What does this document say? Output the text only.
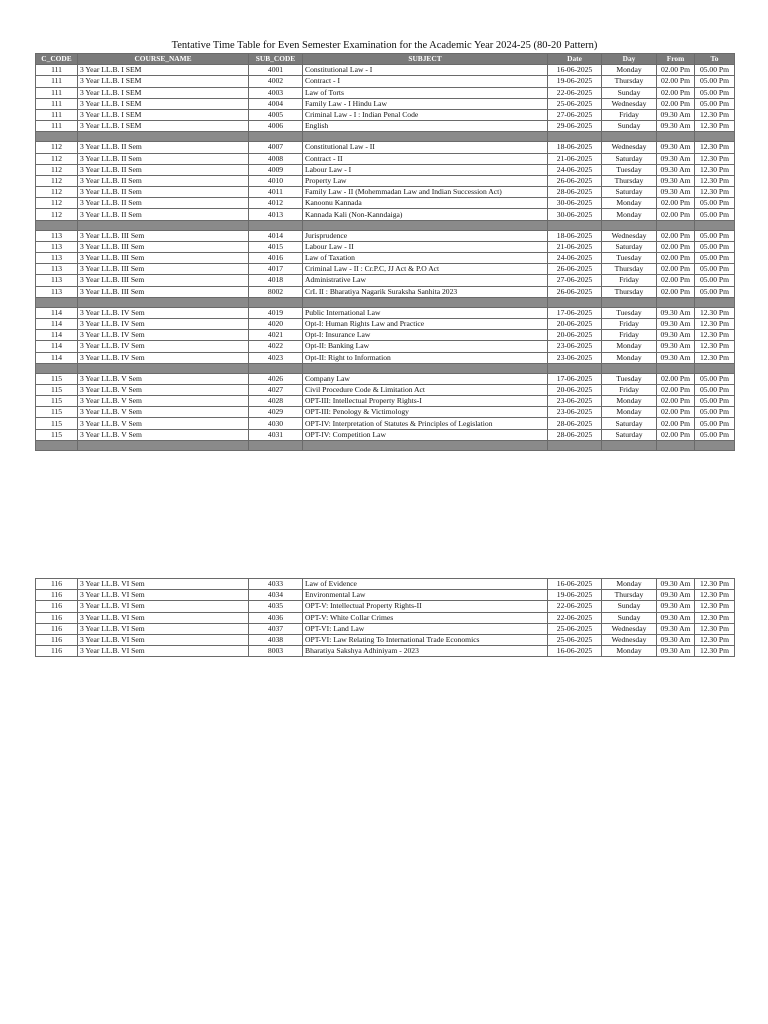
Tentative Time Table for Even Semester Examination for the Academic Year 2024-25 (80-20 Pattern)
C_CODE	COURSE_NAME	SUB_CODE	SUBJECT	Date	Day	From	To
111	3 Year LL.B. I SEM	4001	Constitutional Law - I	16-06-2025	Monday	02.00 Pm	05.00 Pm
111	3 Year LL.B. I SEM	4002	Contract - I	19-06-2025	Thursday	02.00 Pm	05.00 Pm
111	3 Year LL.B. I SEM	4003	Law of Torts	22-06-2025	Sunday	02.00 Pm	05.00 Pm
111	3 Year LL.B. I SEM	4004	Family Law - I Hindu Law	25-06-2025	Wednesday	02.00 Pm	05.00 Pm
111	3 Year LL.B. I SEM	4005	Criminal Law - I : Indian Penal Code	27-06-2025	Friday	09.30 Am	12.30 Pm
111	3 Year LL.B. I SEM	4006	English	29-06-2025	Sunday	09.30 Am	12.30 Pm

112	3 Year LL.B. II Sem	4007	Constitutional Law - II	18-06-2025	Wednesday	09.30 Am	12.30 Pm
112	3 Year LL.B. II Sem	4008	Contract - II	21-06-2025	Saturday	09.30 Am	12.30 Pm
112	3 Year LL.B. II Sem	4009	Labour Law - I	24-06-2025	Tuesday	09.30 Am	12.30 Pm
112	3 Year LL.B. II Sem	4010	Property Law	26-06-2025	Thursday	09.30 Am	12.30 Pm
112	3 Year LL.B. II Sem	4011	Family Law - II (Mohemmadan Law and Indian Succession Act)	28-06-2025	Saturday	09.30 Am	12.30 Pm
112	3 Year LL.B. II Sem	4012	Kanoonu Kannada	30-06-2025	Monday	02.00 Pm	05.00 Pm
112	3 Year LL.B. II Sem	4013	Kannada Kali (Non-Kanndaiga)	30-06-2025	Monday	02.00 Pm	05.00 Pm

113	3 Year LL.B. III Sem	4014	Jurisprudence	18-06-2025	Wednesday	02.00 Pm	05.00 Pm
113	3 Year LL.B. III Sem	4015	Labour Law - II	21-06-2025	Saturday	02.00 Pm	05.00 Pm
113	3 Year LL.B. III Sem	4016	Law of Taxation	24-06-2025	Tuesday	02.00 Pm	05.00 Pm
113	3 Year LL.B. III Sem	4017	Criminal Law - II : Cr.P.C, JJ Act & P.O Act	26-06-2025	Thursday	02.00 Pm	05.00 Pm
113	3 Year LL.B. III Sem	4018	Administrative Law	27-06-2025	Friday	02.00 Pm	05.00 Pm
113	3 Year LL.B. III Sem	8002	CrL II : Bharatiya Nagarik Suraksha Sanhita 2023	26-06-2025	Thursday	02.00 Pm	05.00 Pm

114	3 Year LL.B. IV Sem	4019	Public International Law	17-06-2025	Tuesday	09.30 Am	12.30 Pm
114	3 Year LL.B. IV Sem	4020	Opt-I: Human Rights Law and Practice	20-06-2025	Friday	09.30 Am	12.30 Pm
114	3 Year LL.B. IV Sem	4021	Opt-I: Insurance Law	20-06-2025	Friday	09.30 Am	12.30 Pm
114	3 Year LL.B. IV Sem	4022	Opt-II: Banking Law	23-06-2025	Monday	09.30 Am	12.30 Pm
114	3 Year LL.B. IV Sem	4023	Opt-II: Right to Information	23-06-2025	Monday	09.30 Am	12.30 Pm

115	3 Year LL.B. V Sem	4026	Company Law	17-06-2025	Tuesday	02.00 Pm	05.00 Pm
115	3 Year LL.B. V Sem	4027	Civil Procedure Code & Limitation Act	20-06-2025	Friday	02.00 Pm	05.00 Pm
115	3 Year LL.B. V Sem	4028	OPT-III: Intellectual Property Rights-I	23-06-2025	Monday	02.00 Pm	05.00 Pm
115	3 Year LL.B. V Sem	4029	OPT-III: Penology & Victimology	23-06-2025	Monday	02.00 Pm	05.00 Pm
115	3 Year LL.B. V Sem	4030	OPT-IV: Interpretation of Statutes & Principles of Legislation	28-06-2025	Saturday	02.00 Pm	05.00 Pm
115	3 Year LL.B. V Sem	4031	OPT-IV: Competition Law	28-06-2025	Saturday	02.00 Pm	05.00 Pm

116	3 Year LL.B. VI Sem	4033	Law of Evidence	16-06-2025	Monday	09.30 Am	12.30 Pm
116	3 Year LL.B. VI Sem	4034	Environmental Law	19-06-2025	Thursday	09.30 Am	12.30 Pm
116	3 Year LL.B. VI Sem	4035	OPT-V: Intellectual Property Rights-II	22-06-2025	Sunday	09.30 Am	12.30 Pm
116	3 Year LL.B. VI Sem	4036	OPT-V: White Collar Crimes	22-06-2025	Sunday	09.30 Am	12.30 Pm
116	3 Year LL.B. VI Sem	4037	OPT-VI: Land Law	25-06-2025	Wednesday	09.30 Am	12.30 Pm
116	3 Year LL.B. VI Sem	4038	OPT-VI: Law Relating To International Trade Economics	25-06-2025	Wednesday	09.30 Am	12.30 Pm
116	3 Year LL.B. VI Sem	8003	Bharatiya Sakshya Adhiniyam - 2023	16-06-2025	Monday	09.30 Am	12.30 Pm
